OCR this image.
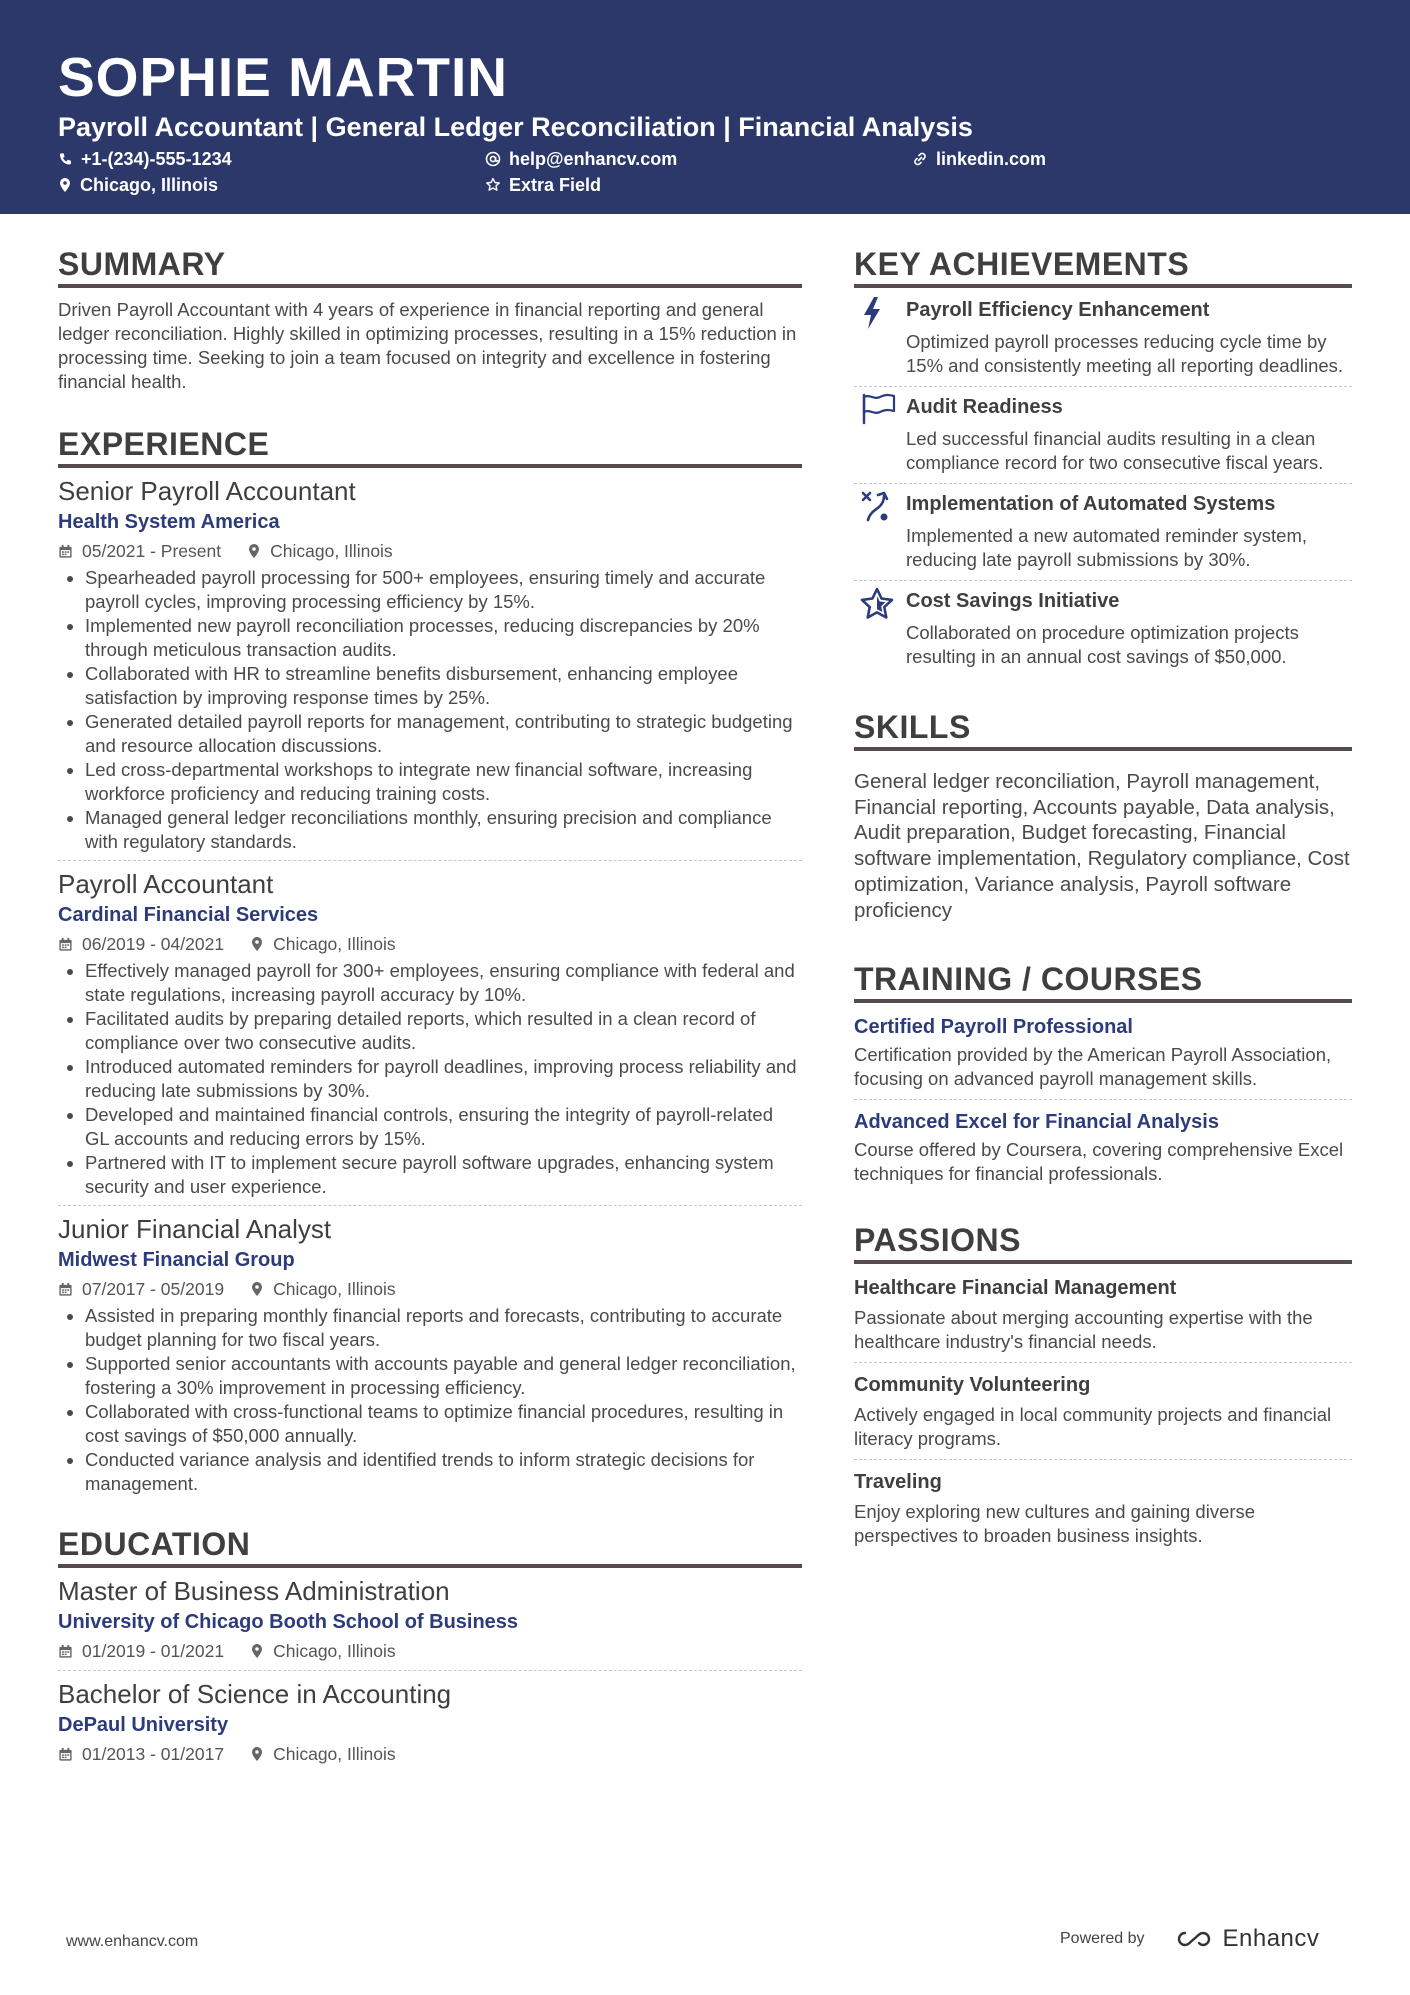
SOPHIE MARTIN
Payroll Accountant | General Ledger Reconciliation | Financial Analysis
+1-(234)-555-1234	help@enhancv.com	linkedin.com
Chicago, Illinois	Extra Field
SUMMARY

Driven Payroll Accountant with 4 years of experience in financial reporting and general ledger reconciliation. Highly skilled in optimizing processes, resulting in a 15% reduction in processing time. Seeking to join a team focused on integrity and excellence in fostering financial health.

EXPERIENCE

Senior Payroll Accountant

Health System America

05/2021 - Present	Chicago, Illinois
• Spearheaded payroll processing for 500+ employees, ensuring timely and accurate payroll cycles, improving processing efficiency by 15%.
• Implemented new payroll reconciliation processes, reducing discrepancies by 20% through meticulous transaction audits.
• Collaborated with HR to streamline benefits disbursement, enhancing employee satisfaction by improving response times by 25%.
• Generated detailed payroll reports for management, contributing to strategic budgeting and resource allocation discussions.
• Led cross-departmental workshops to integrate new financial software, increasing workforce proficiency and reducing training costs.
• Managed general ledger reconciliations monthly, ensuring precision and compliance with regulatory standards.

Payroll Accountant

Cardinal Financial Services

06/2019 - 04/2021	Chicago, Illinois
• Effectively managed payroll for 300+ employees, ensuring compliance with federal and state regulations, increasing payroll accuracy by 10%.
• Facilitated audits by preparing detailed reports, which resulted in a clean record of compliance over two consecutive audits.
• Introduced automated reminders for payroll deadlines, improving process reliability and reducing late submissions by 30%.
• Developed and maintained financial controls, ensuring the integrity of payroll-related GL accounts and reducing errors by 15%.
• Partnered with IT to implement secure payroll software upgrades, enhancing system security and user experience.

Junior Financial Analyst

Midwest Financial Group

07/2017 - 05/2019	Chicago, Illinois
• Assisted in preparing monthly financial reports and forecasts, contributing to accurate budget planning for two fiscal years.
• Supported senior accountants with accounts payable and general ledger reconciliation, fostering a 30% improvement in processing efficiency.
• Collaborated with cross-functional teams to optimize financial procedures, resulting in cost savings of $50,000 annually.
• Conducted variance analysis and identified trends to inform strategic decisions for management.
EDUCATION

Master of Business Administration

University of Chicago Booth School of Business

01/2019 - 01/2021	Chicago, Illinois

Bachelor of Science in Accounting

DePaul University

01/2013 - 01/2017	Chicago, Illinois
KEY ACHIEVEMENTS
Payroll Efficiency Enhancement
Optimized payroll processes reducing cycle time by 15% and consistently meeting all reporting deadlines.
Audit Readiness
Led successful financial audits resulting in a clean compliance record for two consecutive fiscal years.
Implementation of Automated Systems
Implemented a new automated reminder system, reducing late payroll submissions by 30%.
Cost Savings Initiative
Collaborated on procedure optimization projects resulting in an annual cost savings of $50,000.
SKILLS

General ledger reconciliation, Payroll management, Financial reporting, Accounts payable, Data analysis, Audit preparation, Budget forecasting, Financial software implementation, Regulatory compliance, Cost optimization, Variance analysis, Payroll software proficiency

TRAINING / COURSES
Certified Payroll Professional
Certification provided by the American Payroll Association, focusing on advanced payroll management skills.
Advanced Excel for Financial Analysis
Course offered by Coursera, covering comprehensive Excel techniques for financial professionals.
PASSIONS
Healthcare Financial Management
Passionate about merging accounting expertise with the healthcare industry's financial needs.
Community Volunteering
Actively engaged in local community projects and financial literacy programs.
Traveling
Enjoy exploring new cultures and gaining diverse perspectives to broaden business insights.
www.enhancv.com	Powered by	Enhancv
